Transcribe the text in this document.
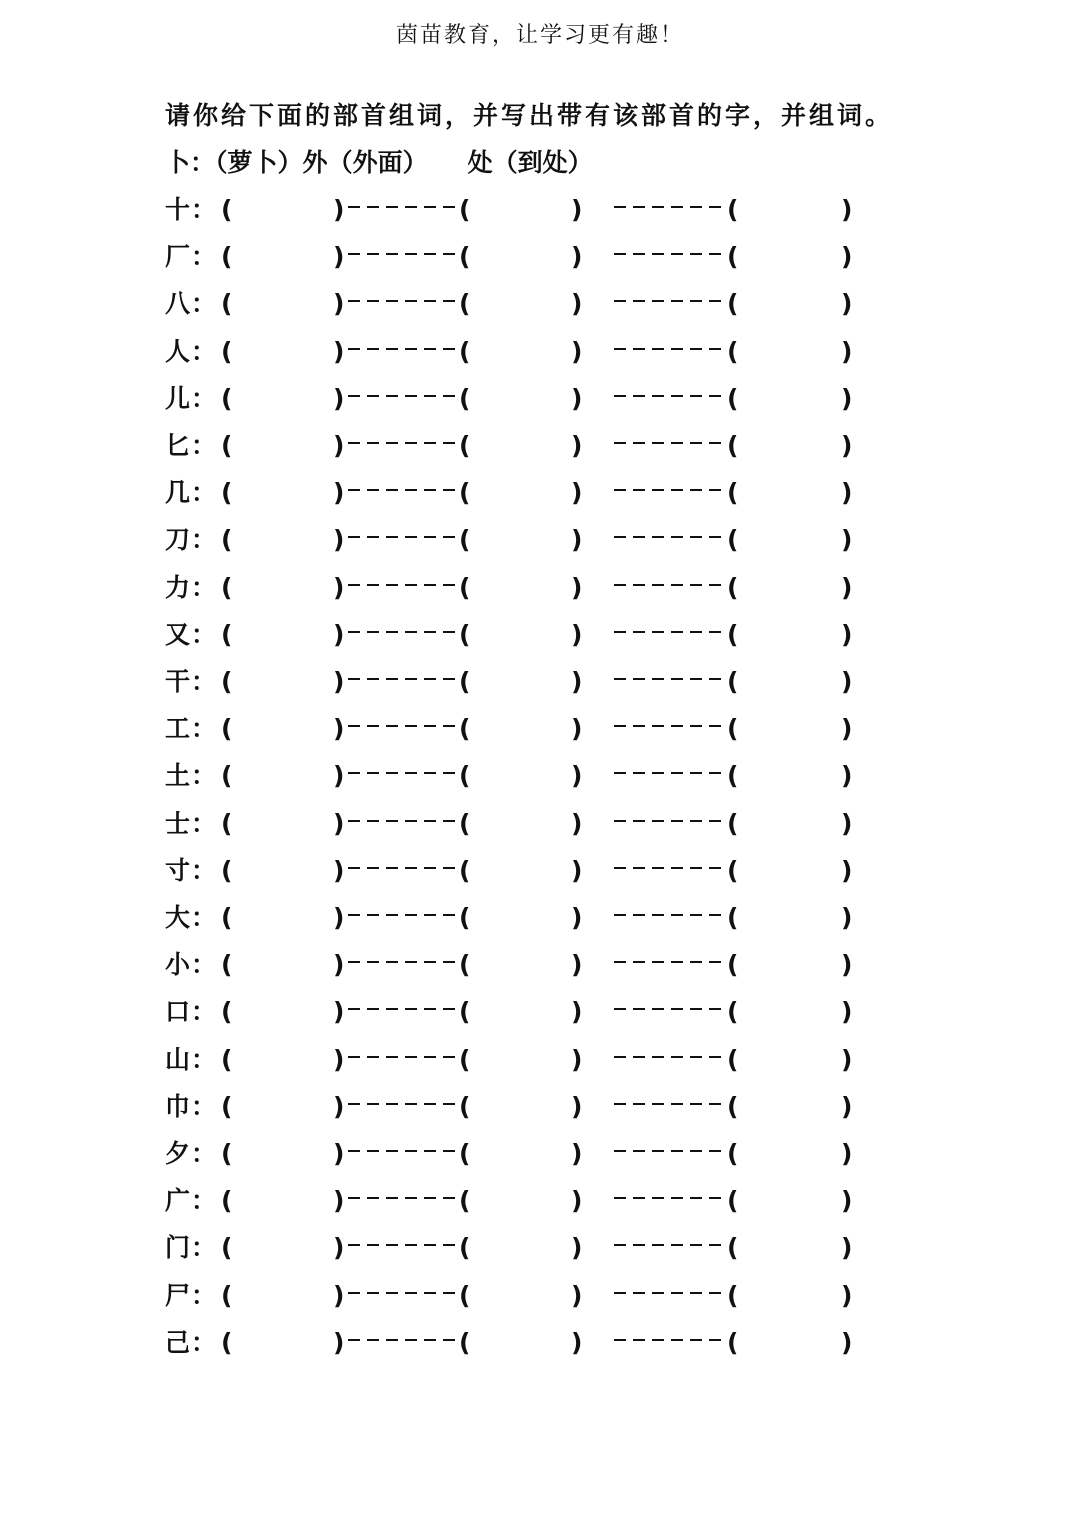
茵苗教育，让学习更有趣！
请你给下面的部首组词，并写出带有该部首的字，并组词。
卜：（萝卜）外（外面） 处（到处）
十 ： (	)	(	)	(	)
厂 ： (	)	(	)	(	)
八 ： (	)	(	)	(	)
人 ： (	)	(	)	(	)
儿 ： (	)	(	)	(	)
匕 ： (	)	(	)	(	)
几 ： (	)	(	)	(	)
刀 ： (	)	(	)	(	)
力 ： (	)	(	)	(	)
又 ： (	)	(	)	(	)
干 ： (	)	(	)	(	)
工 ： (	)	(	)	(	)
土 ： (	)	(	)	(	)
士 ： (	)	(	)	(	)
寸 ： (	)	(	)	(	)
大 ： (	)	(	)	(	)
小 ： (	)	(	)	(	)
口 ： (	)	(	)	(	)
山 ： (	)	(	)	(	)
巾 ： (	)	(	)	(	)
夕 ： (	)	(	)	(	)
广 ： (	)	(	)	(	)
门 ： (	)	(	)	(	)
尸 ： (	)	(	)	(	)
己 ： (	)	(	)	(	)
